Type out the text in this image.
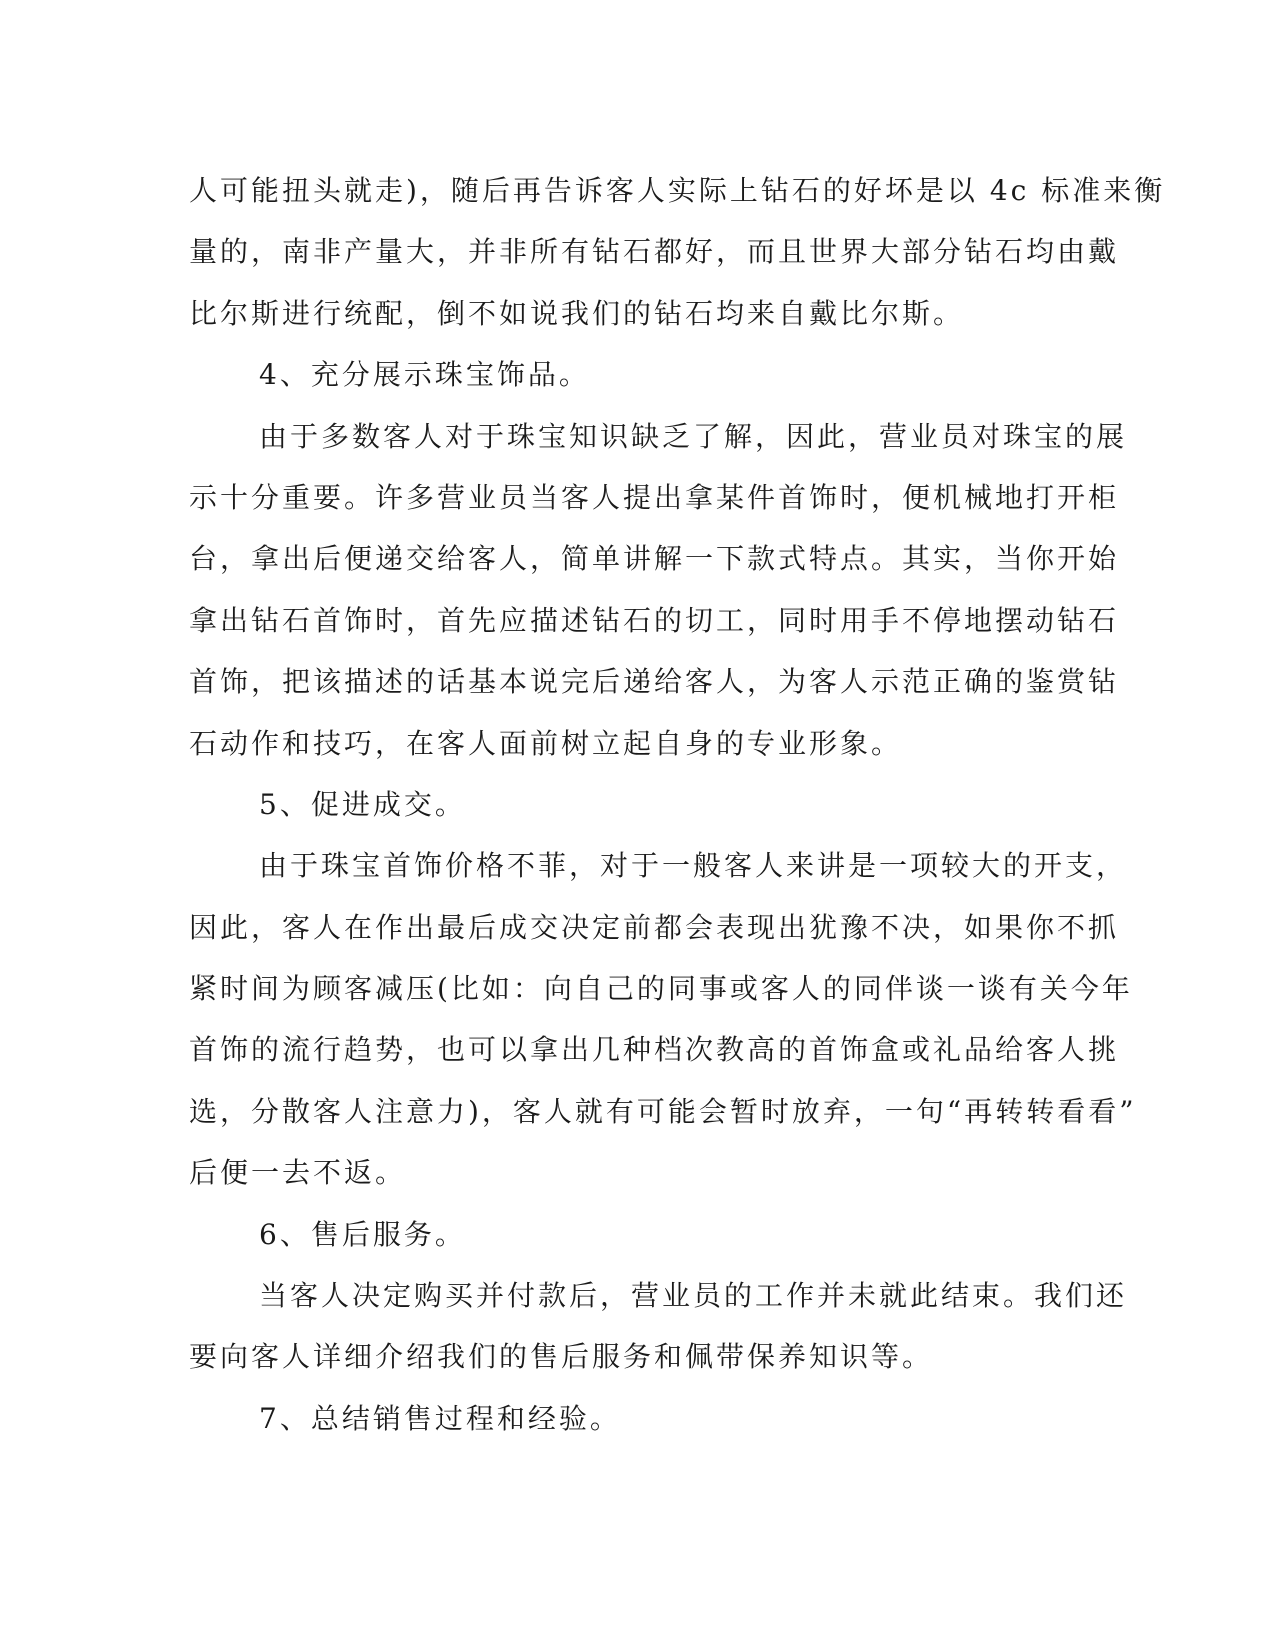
人可能扭头就走)，随后再告诉客人实际上钻石的好坏是以 4c 标准来衡

量的，南非产量大，并非所有钻石都好，而且世界大部分钻石均由戴

比尔斯进行统配，倒不如说我们的钻石均来自戴比尔斯。

4、充分展示珠宝饰品。

由于多数客人对于珠宝知识缺乏了解，因此，营业员对珠宝的展

示十分重要。许多营业员当客人提出拿某件首饰时，便机械地打开柜

台，拿出后便递交给客人，简单讲解一下款式特点。其实，当你开始

拿出钻石首饰时，首先应描述钻石的切工，同时用手不停地摆动钻石

首饰，把该描述的话基本说完后递给客人，为客人示范正确的鉴赏钻

石动作和技巧，在客人面前树立起自身的专业形象。

5、促进成交。

由于珠宝首饰价格不菲，对于一般客人来讲是一项较大的开支，

因此，客人在作出最后成交决定前都会表现出犹豫不决，如果你不抓

紧时间为顾客减压(比如：向自己的同事或客人的同伴谈一谈有关今年

首饰的流行趋势，也可以拿出几种档次教高的首饰盒或礼品给客人挑

选，分散客人注意力)，客人就有可能会暂时放弃，一句“再转转看看”

后便一去不返。

6、售后服务。

当客人决定购买并付款后，营业员的工作并未就此结束。我们还

要向客人详细介绍我们的售后服务和佩带保养知识等。

7、总结销售过程和经验。
